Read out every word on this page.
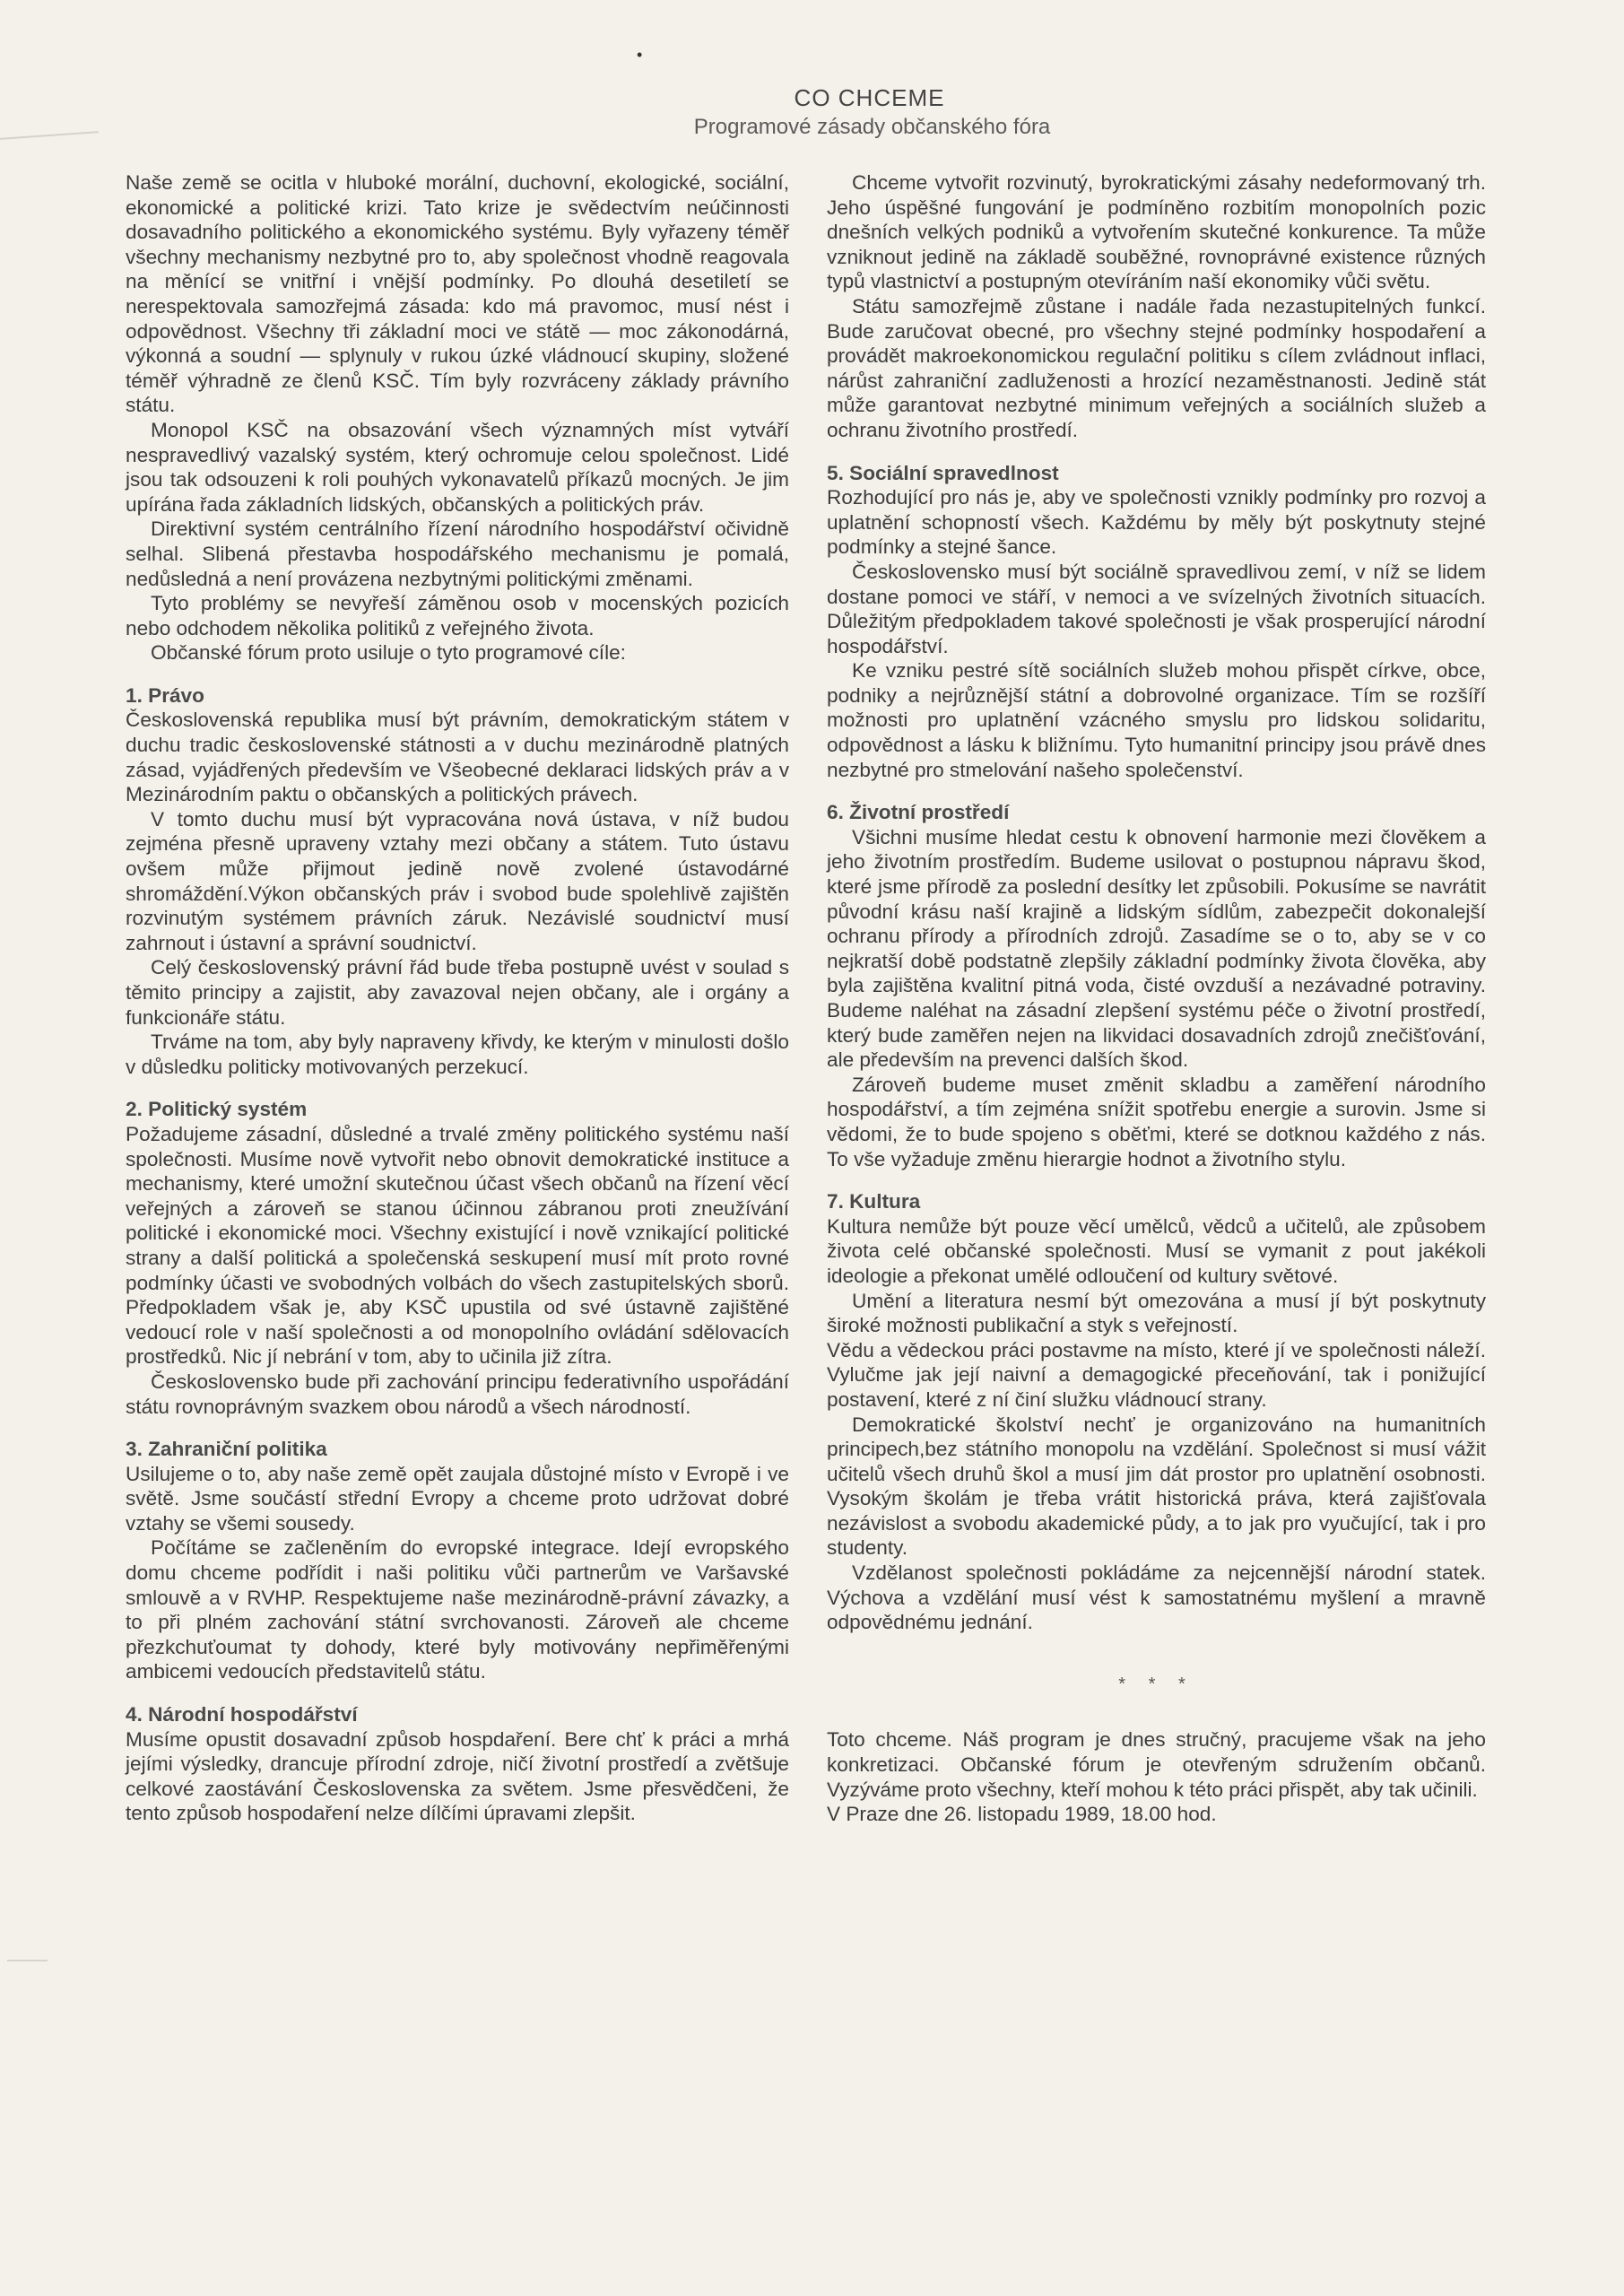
•
CO CHCEME
Programové zásady občanského fóra

Naše země se ocitla v hluboké morální, duchovní, ekologické, sociální, ekonomické a politické krizi. Tato krize je svědectvím neúčinnosti dosavadního politického a ekonomického systému. Byly vyřazeny téměř všechny mechanismy nezbytné pro to, aby společnost vhodně reagovala na měnící se vnitřní i vnější podmínky. Po dlouhá desetiletí se nerespektovala samozřejmá zásada: kdo má pravomoc, musí nést i odpovědnost. Všechny tři základní moci ve státě — moc zákonodárná, výkonná a soudní — splynuly v rukou úzké vládnoucí skupiny, složené téměř výhradně ze členů KSČ. Tím byly rozvráceny základy právního státu.

Monopol KSČ na obsazování všech významných míst vytváří nespravedlivý vazalský systém, který ochromuje celou společnost. Lidé jsou tak odsouzeni k roli pouhých vykonavatelů příkazů mocných. Je jim upírána řada základních lidských, občanských a politických práv.

Direktivní systém centrálního řízení národního hospodářství očividně selhal. Slibená přestavba hospodářského mechanismu je pomalá, nedůsledná a není provázena nezbytnými politickými změnami.

Tyto problémy se nevyřeší záměnou osob v mocenských pozicích nebo odchodem několika politiků z veřejného života.

Občanské fórum proto usiluje o tyto programové cíle:

1. Právo

Československá republika musí být právním, demokratickým státem v duchu tradic československé státnosti a v duchu mezinárodně platných zásad, vyjádřených především ve Všeobecné deklaraci lidských práv a v Mezinárodním paktu o občanských a politických právech.

V tomto duchu musí být vypracována nová ústava, v níž budou zejména přesně upraveny vztahy mezi občany a státem. Tuto ústavu ovšem může přijmout jedině nově zvolené ústavodárné shromáždění.Výkon občanských práv i svobod bude spolehlivě zajištěn rozvinutým systémem právních záruk. Nezávislé soudnictví musí zahrnout i ústavní a správní soudnictví.

Celý československý právní řád bude třeba postupně uvést v soulad s těmito principy a zajistit, aby zavazoval nejen občany, ale i orgány a funkcionáře státu.

Trváme na tom, aby byly napraveny křivdy, ke kterým v minulosti došlo v důsledku politicky motivovaných perzekucí.

2. Politický systém

Požadujeme zásadní, důsledné a trvalé změny politického systému naší společnosti. Musíme nově vytvořit nebo obnovit demokratické instituce a mechanismy, které umožní skutečnou účast všech občanů na řízení věcí veřejných a zároveň se stanou účinnou zábranou proti zneužívání politické i ekonomické moci. Všechny existující i nově vznikající politické strany a další politická a společenská seskupení musí mít proto rovné podmínky účasti ve svobodných volbách do všech zastupitelských sborů. Předpokladem však je, aby KSČ upustila od své ústavně zajištěné vedoucí role v naší společnosti a od monopolního ovládání sdělovacích prostředků. Nic jí nebrání v tom, aby to učinila již zítra.

Československo bude při zachování principu federativního uspořádání státu rovnoprávným svazkem obou národů a všech národností.

3. Zahraniční politika

Usilujeme o to, aby naše země opět zaujala důstojné místo v Evropě i ve světě. Jsme součástí střední Evropy a chceme proto udržovat dobré vztahy se všemi sousedy.

Počítáme se začleněním do evropské integrace. Idejí evropského domu chceme podřídit i naši politiku vůči partnerům ve Varšavské smlouvě a v RVHP. Respektujeme naše mezinárodně-právní závazky, a to při plném zachování státní svrchovanosti. Zároveň ale chceme přezkchuťoumat ty dohody, které byly motivovány nepřiměřenými ambicemi vedoucích představitelů státu.

4. Národní hospodářství

Musíme opustit dosavadní způsob hospdaření. Bere chť k práci a mrhá jejími výsledky, drancuje přírodní zdroje, ničí životní prostředí a zvětšuje celkové zaostávání Československa za světem. Jsme přesvědčeni, že tento způsob hospodaření nelze dílčími úpravami zlepšit.

Chceme vytvořit rozvinutý, byrokratickými zásahy nedeformovaný trh. Jeho úspěšné fungování je podmíněno rozbitím monopolních pozic dnešních velkých podniků a vytvořením skutečné konkurence. Ta může vzniknout jedině na základě souběžné, rovnoprávné existence různých typů vlastnictví a postupným otevíráním naší ekonomiky vůči světu.

Státu samozřejmě zůstane i nadále řada nezastupitelných funkcí. Bude zaručovat obecné, pro všechny stejné podmínky hospodaření a provádět makroekonomickou regulační politiku s cílem zvládnout inflaci, nárůst zahraniční zadluženosti a hrozící nezaměstnanosti. Jedině stát může garantovat nezbytné minimum veřejných a sociálních služeb a ochranu životního prostředí.

5. Sociální spravedlnost

Rozhodující pro nás je, aby ve společnosti vznikly podmínky pro rozvoj a uplatnění schopností všech. Každému by měly být poskytnuty stejné podmínky a stejné šance.

Československo musí být sociálně spravedlivou zemí, v níž se lidem dostane pomoci ve stáří, v nemoci a ve svízelných životních situacích. Důležitým předpokladem takové společnosti je však prosperující národní hospodářství.

Ke vzniku pestré sítě sociálních služeb mohou přispět církve, obce, podniky a nejrůznější státní a dobrovolné organizace. Tím se rozšíří možnosti pro uplatnění vzácného smyslu pro lidskou solidaritu, odpovědnost a lásku k bližnímu. Tyto humanitní principy jsou právě dnes nezbytné pro stmelování našeho společenství.

6. Životní prostředí

Všichni musíme hledat cestu k obnovení harmonie mezi člověkem a jeho životním prostředím. Budeme usilovat o postupnou nápravu škod, které jsme přírodě za poslední desítky let způsobili. Pokusíme se navrátit původní krásu naší krajině a lidským sídlům, zabezpečit dokonalejší ochranu přírody a přírodních zdrojů. Zasadíme se o to, aby se v co nejkratší době podstatně zlepšily základní podmínky života člověka, aby byla zajištěna kvalitní pitná voda, čisté ovzduší a nezávadné potraviny. Budeme naléhat na zásadní zlepšení systému péče o životní prostředí, který bude zaměřen nejen na likvidaci dosavadních zdrojů znečišťování, ale především na prevenci dalších škod.

Zároveň budeme muset změnit skladbu a zaměření národního hospodářství, a tím zejména snížit spotřebu energie a surovin. Jsme si vědomi, že to bude spojeno s oběťmi, které se dotknou každého z nás. To vše vyžaduje změnu hierargie hodnot a životního stylu.

7. Kultura

Kultura nemůže být pouze věcí umělců, vědců a učitelů, ale způsobem života celé občanské společnosti. Musí se vymanit z pout jakékoli ideologie a překonat umělé odloučení od kultury světové.

Umění a literatura nesmí být omezována a musí jí být poskytnuty široké možnosti publikační a styk s veřejností.

Vědu a vědeckou práci postavme na místo, které jí ve společnosti náleží. Vylučme jak její naivní a demagogické přeceňování, tak i ponižující postavení, které z ní činí služku vládnoucí strany.

Demokratické školství nechť je organizováno na humanitních principech,bez státního monopolu na vzdělání. Společnost si musí vážit učitelů všech druhů škol a musí jim dát prostor pro uplatnění osobnosti. Vysokým školám je třeba vrátit historická práva, která zajišťovala nezávislost a svobodu akademické půdy, a to jak pro vyučující, tak i pro studenty.

Vzdělanost společnosti pokládáme za nejcennější národní statek. Výchova a vzdělání musí vést k samostatnému myšlení a mravně odpovědnému jednání.

* * *

Toto chceme. Náš program je dnes stručný, pracujeme však na jeho konkretizaci. Občanské fórum je otevřeným sdružením občanů. Vyzýváme proto všechny, kteří mohou k této práci přispět, aby tak učinili.

V Praze dne 26. listopadu 1989, 18.00 hod.
